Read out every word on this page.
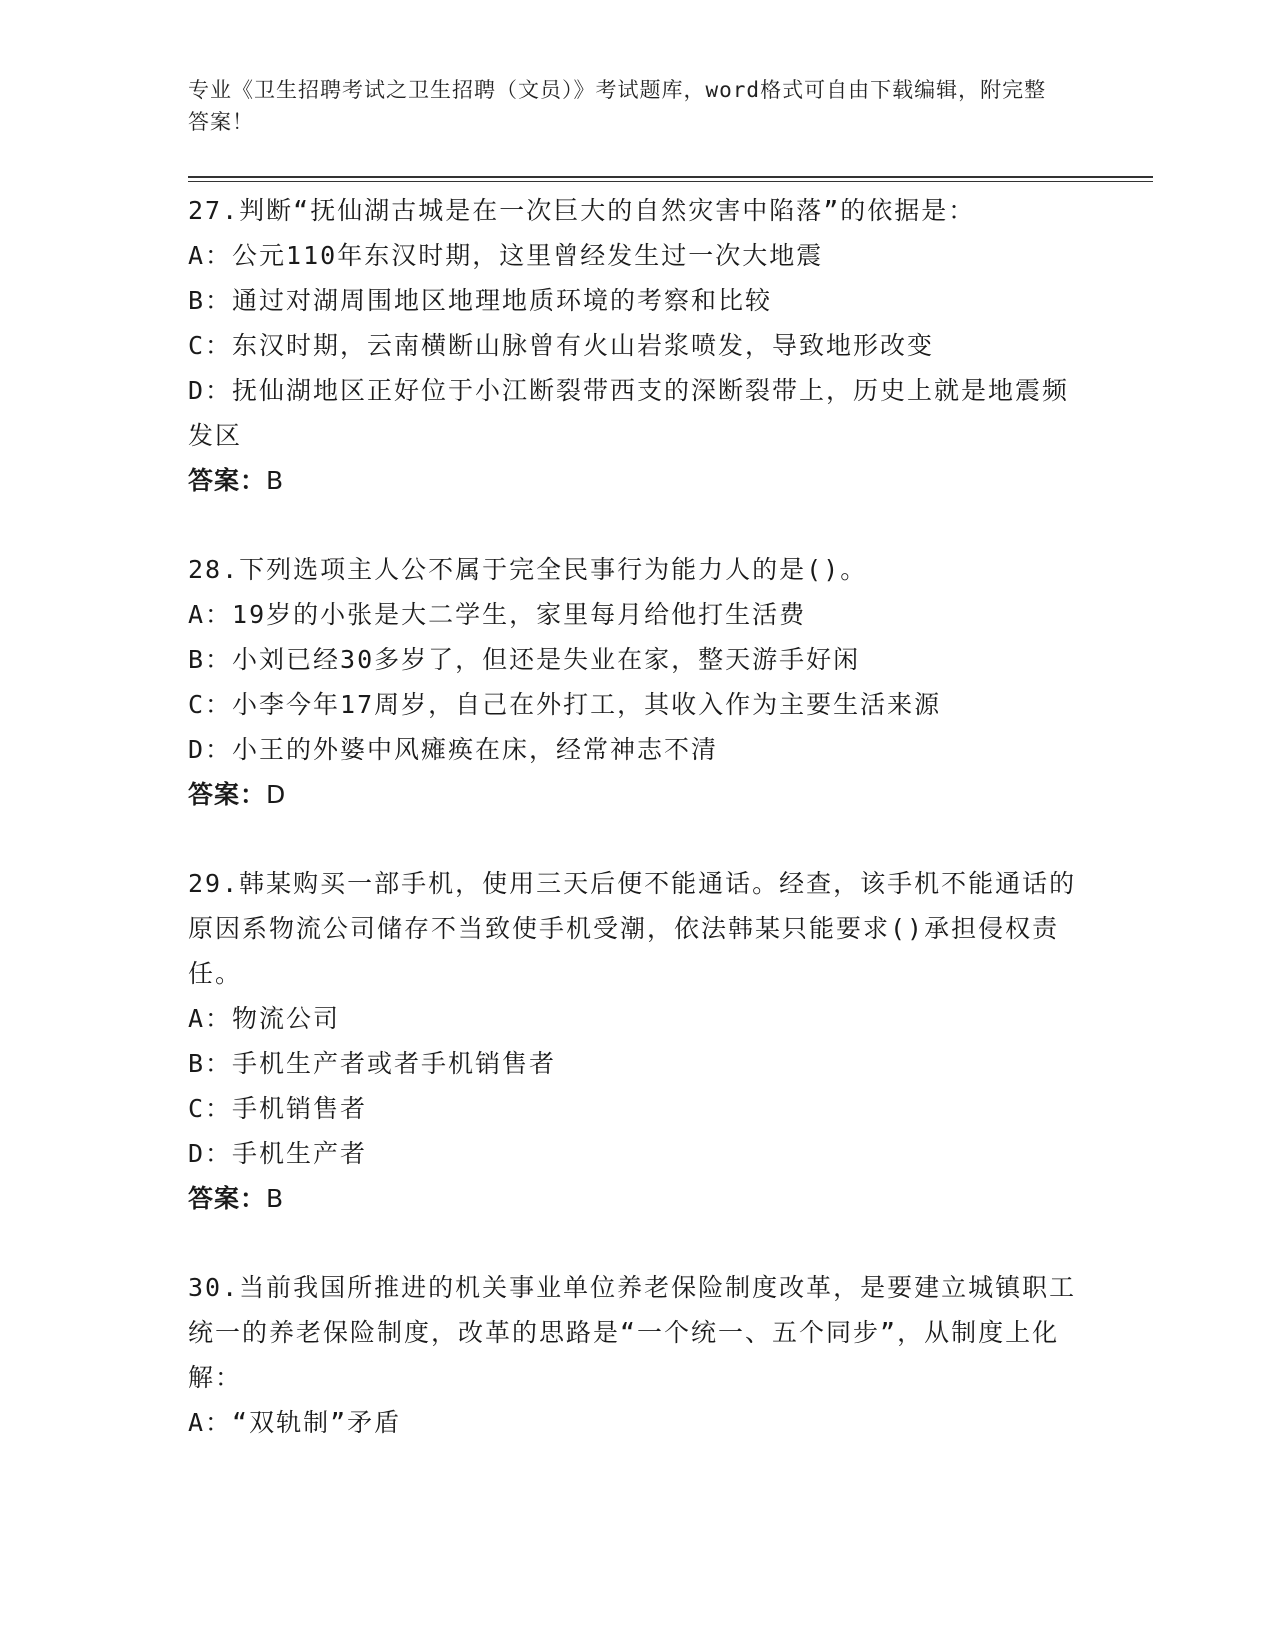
专业《卫生招聘考试之卫生招聘（文员）》考试题库，word格式可自由下载编辑，附完整答案！

27.判断“抚仙湖古城是在一次巨大的自然灾害中陷落”的依据是：

A：公元110年东汉时期，这里曾经发生过一次大地震

B：通过对湖周围地区地理地质环境的考察和比较

C：东汉时期，云南横断山脉曾有火山岩浆喷发，导致地形改变

D：抚仙湖地区正好位于小江断裂带西支的深断裂带上，历史上就是地震频发区

答案：B

28.下列选项主人公不属于完全民事行为能力人的是()。

A：19岁的小张是大二学生，家里每月给他打生活费

B：小刘已经30多岁了，但还是失业在家，整天游手好闲

C：小李今年17周岁，自己在外打工，其收入作为主要生活来源

D：小王的外婆中风瘫痪在床，经常神志不清

答案：D

29.韩某购买一部手机，使用三天后便不能通话。经查，该手机不能通话的原因系物流公司储存不当致使手机受潮，依法韩某只能要求()承担侵权责任。

A：物流公司

B：手机生产者或者手机销售者

C：手机销售者

D：手机生产者

答案：B

30.当前我国所推进的机关事业单位养老保险制度改革，是要建立城镇职工统一的养老保险制度，改革的思路是“一个统一、五个同步”，从制度上化解：

A：“双轨制”矛盾
